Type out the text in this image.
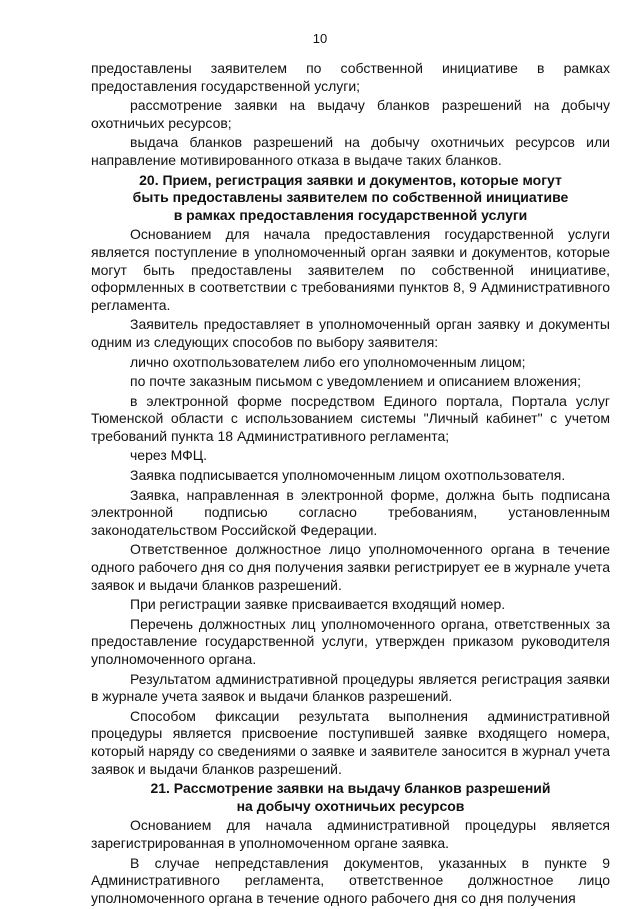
10

предоставлены заявителем по собственной инициативе в рамках предоставления государственной услуги;

рассмотрение заявки на выдачу бланков разрешений на добычу охотничьих ресурсов;

выдача бланков разрешений на добычу охотничьих ресурсов или направление мотивированного отказа в выдаче таких бланков.

20. Прием, регистрация заявки и документов, которые могут
быть предоставлены заявителем по собственной инициативе
в рамках предоставления государственной услуги

Основанием для начала предоставления государственной услуги является поступление в уполномоченный орган заявки и документов, которые могут быть предоставлены заявителем по собственной инициативе, оформленных в соответствии с требованиями пунктов 8, 9 Административного регламента.

Заявитель предоставляет в уполномоченный орган заявку и документы одним из следующих способов по выбору заявителя:

лично охотпользователем либо его уполномоченным лицом;

по почте заказным письмом с уведомлением и описанием вложения;

в электронной форме посредством Единого портала, Портала услуг Тюменской области с использованием системы "Личный кабинет" с учетом требований пункта 18 Административного регламента;

через МФЦ.

Заявка подписывается уполномоченным лицом охотпользователя.

Заявка, направленная в электронной форме, должна быть подписана электронной подписью согласно требованиям, установленным законодательством Российской Федерации.

Ответственное должностное лицо уполномоченного органа в течение одного рабочего дня со дня получения заявки регистрирует ее в журнале учета заявок и выдачи бланков разрешений.

При регистрации заявке присваивается входящий номер.

Перечень должностных лиц уполномоченного органа, ответственных за предоставление государственной услуги, утвержден приказом руководителя уполномоченного органа.

Результатом административной процедуры является регистрация заявки в журнале учета заявок и выдачи бланков разрешений.

Способом фиксации результата выполнения административной процедуры является присвоение поступившей заявке входящего номера, который наряду со сведениями о заявке и заявителе заносится в журнал учета заявок и выдачи бланков разрешений.

21. Рассмотрение заявки на выдачу бланков разрешений
на добычу охотничьих ресурсов

Основанием для начала административной процедуры является зарегистрированная в уполномоченном органе заявка.

В случае непредставления документов, указанных в пункте 9 Административного регламента, ответственное должностное лицо уполномоченного органа в течение одного рабочего дня со дня получения
